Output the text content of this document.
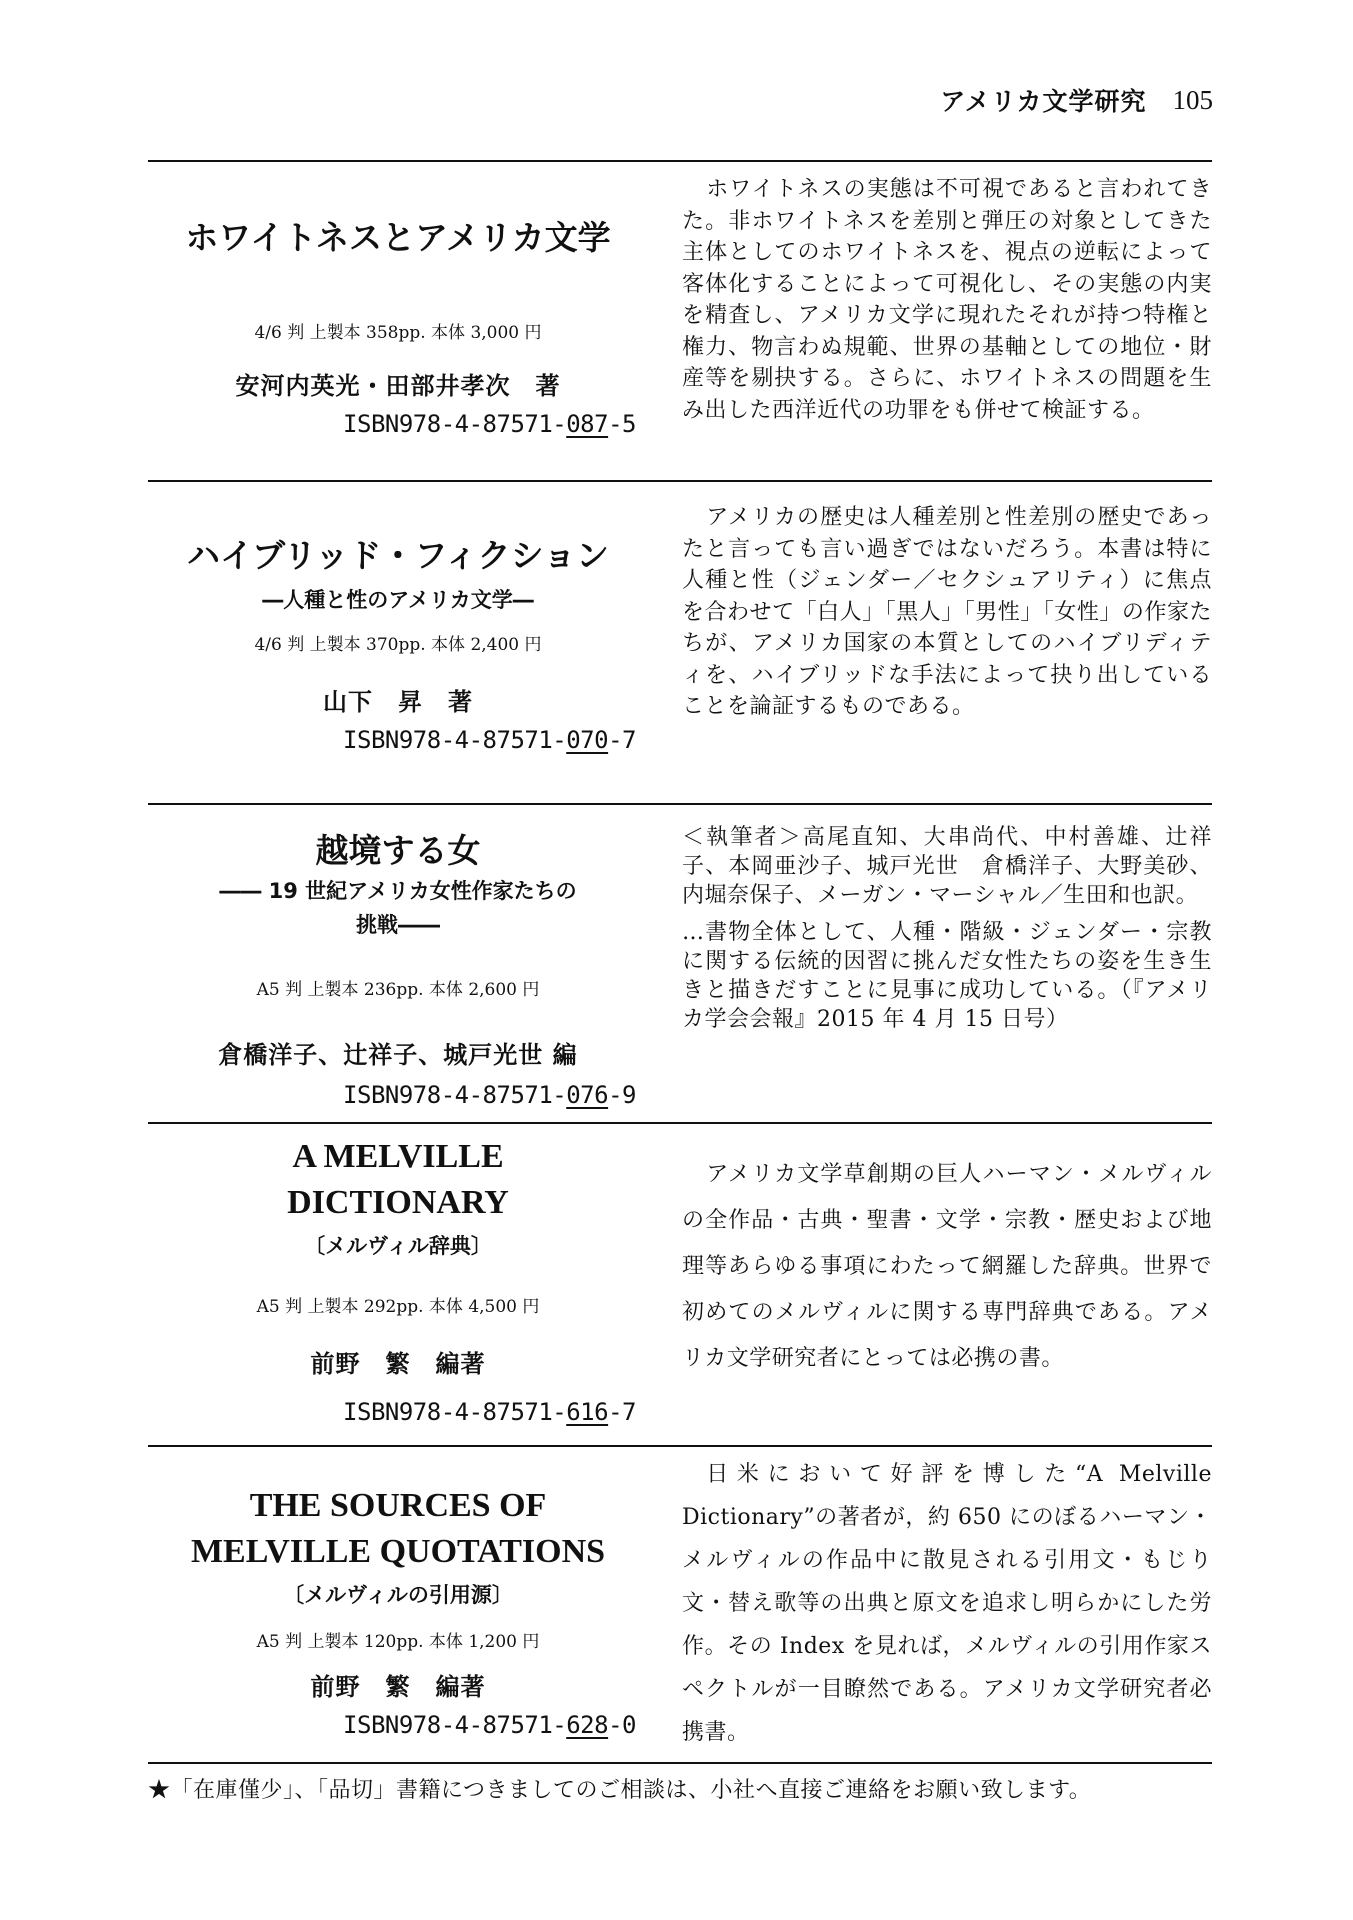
アメリカ文学研究 105
ホワイトネスとアメリカ文学
4/6 判 上製本 358pp. 本体 3,000 円
安河内英光・田部井孝次　著
ISBN978-4-87571-087-5

ホワイトネスの実態は不可視であると言われてきた。非ホワイトネスを差別と弾圧の対象としてきた主体としてのホワイトネスを、視点の逆転によって客体化することによって可視化し、その実態の内実を精査し、アメリカ文学に現れたそれが持つ特権と権力、物言わぬ規範、世界の基軸としての地位・財産等を剔抉する。さらに、ホワイトネスの問題を生み出した西洋近代の功罪をも併せて検証する。

ハイブリッド・フィクション
―人種と性のアメリカ文学―
4/6 判 上製本 370pp. 本体 2,400 円
山下　昇　著
ISBN978-4-87571-070-7

アメリカの歴史は人種差別と性差別の歴史であったと言っても言い過ぎではないだろう。本書は特に人種と性（ジェンダー／セクシュアリティ）に焦点を合わせて「白人」「黒人」「男性」「女性」の作家たちが、アメリカ国家の本質としてのハイブリディティを、ハイブリッドな手法によって抉り出していることを論証するものである。

越境する女
―― 19 世紀アメリカ女性作家たちの
挑戦――
A5 判 上製本 236pp. 本体 2,600 円
倉橋洋子、辻祥子、城戸光世 編
ISBN978-4-87571-076-9

＜執筆者＞高尾直知、大串尚代、中村善雄、辻祥子、本岡亜沙子、城戸光世　倉橋洋子、大野美砂、内堀奈保子、メーガン・マーシャル／生田和也訳。

…書物全体として、人種・階級・ジェンダー・宗教に関する伝統的因習に挑んだ女性たちの姿を生き生きと描きだすことに見事に成功している。（『アメリカ学会会報』2015 年 4 月 15 日号）

A MELVILLE
DICTIONARY
〔メルヴィル辞典〕
A5 判 上製本 292pp. 本体 4,500 円
前野　繁　編著
ISBN978-4-87571-616-7

アメリカ文学草創期の巨人ハーマン・メルヴィルの全作品・古典・聖書・文学・宗教・歴史および地理等あらゆる事項にわたって網羅した辞典。世界で初めてのメルヴィルに関する専門辞典である。アメリカ文学研究者にとっては必携の書。

THE SOURCES OF
MELVILLE QUOTATIONS
〔メルヴィルの引用源〕
A5 判 上製本 120pp. 本体 1,200 円
前野　繁　編著
ISBN978-4-87571-628-0

日米において好評を博した“A Melville Dictionary”の著者が，約 650 にのぼるハーマン・メルヴィルの作品中に散見される引用文・もじり文・替え歌等の出典と原文を追求し明らかにした労作。その Index を見れば，メルヴィルの引用作家スペクトルが一目瞭然である。アメリカ文学研究者必携書。

★「在庫僅少」、「品切」書籍につきましてのご相談は、小社へ直接ご連絡をお願い致します。
